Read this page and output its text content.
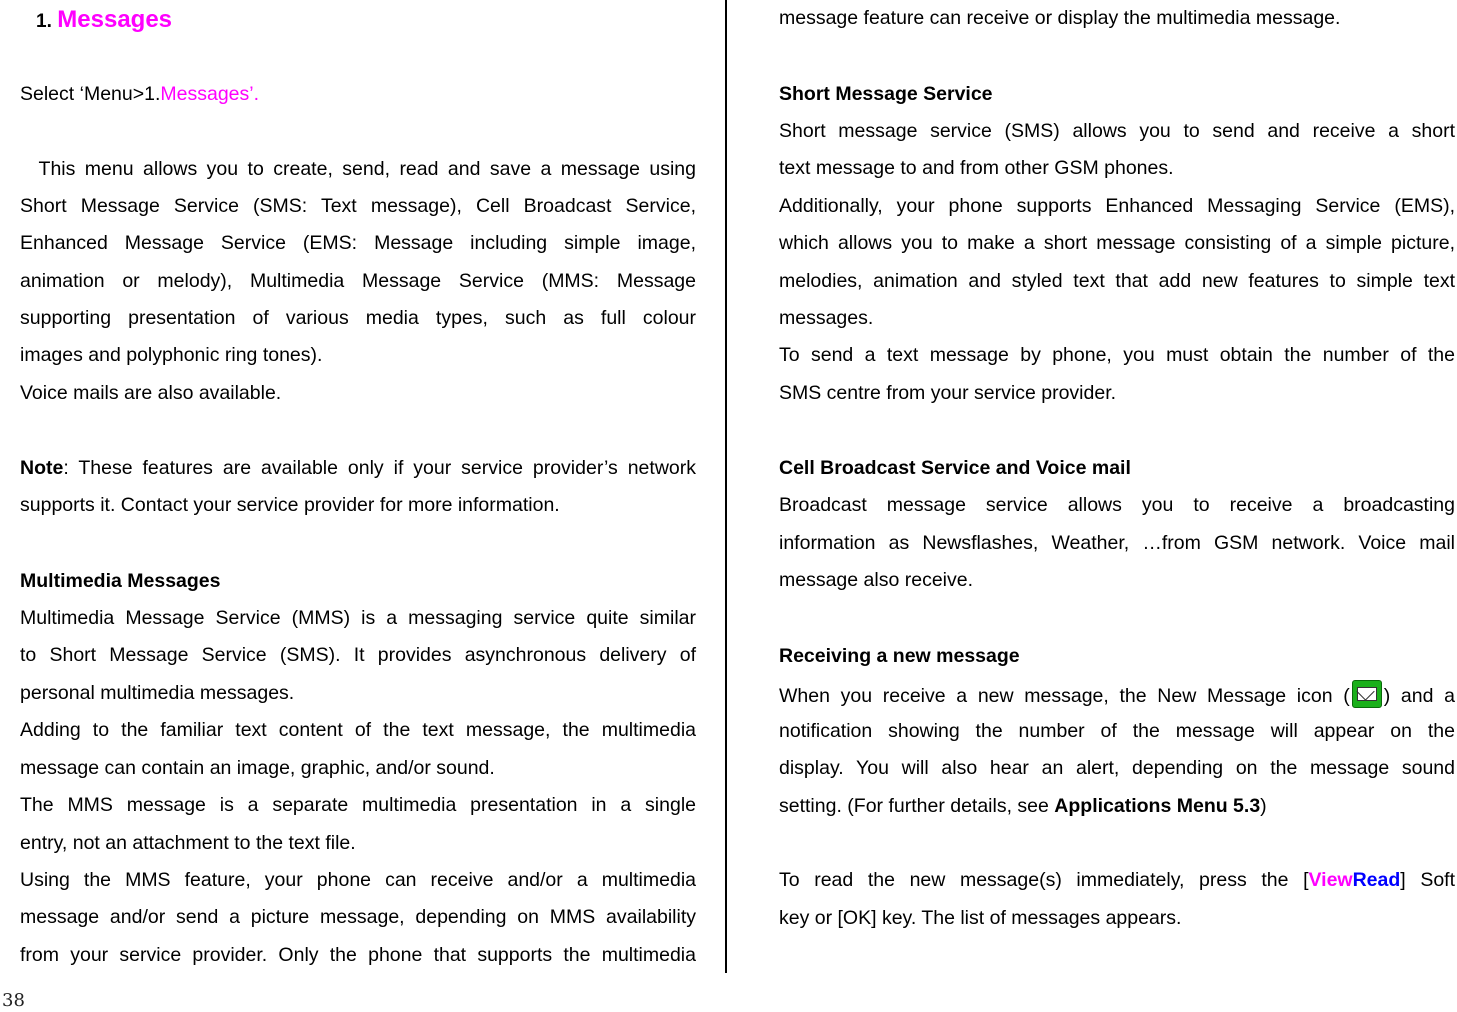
1. Messages
Select ‘Menu>1.Messages’.
This menu allows you to create, send, read and save a message using
Short Message Service (SMS: Text message), Cell Broadcast Service,
Enhanced Message Service (EMS: Message including simple image,
animation or melody), Multimedia Message Service (MMS: Message
supporting presentation of various media types, such as full colour
images and polyphonic ring tones).
Voice mails are also available.
Note: These features are available only if your service provider’s network
supports it. Contact your service provider for more information.
Multimedia Messages
Multimedia Message Service (MMS) is a messaging service quite similar
to Short Message Service (SMS). It provides asynchronous delivery of
personal multimedia messages.
Adding to the familiar text content of the text message, the multimedia
message can contain an image, graphic, and/or sound.
The MMS message is a separate multimedia presentation in a single
entry, not an attachment to the text file.
Using the MMS feature, your phone can receive and/or a multimedia
message and/or send a picture message, depending on MMS availability
from your service provider. Only the phone that supports the multimedia
message feature can receive or display the multimedia message.
Short Message Service
Short message service (SMS) allows you to send and receive a short
text message to and from other GSM phones.
Additionally, your phone supports Enhanced Messaging Service (EMS),
which allows you to make a short message consisting of a simple picture,
melodies, animation and styled text that add new features to simple text
messages.
To send a text message by phone, you must obtain the number of the
SMS centre from your service provider.
Cell Broadcast Service and Voice mail
Broadcast message service allows you to receive a broadcasting
information as Newsflashes, Weather, …from GSM network. Voice mail
message also receive.
Receiving a new message
When you receive a new message, the New Message icon ( ) and a
notification showing the number of the message will appear on the
display. You will also hear an alert, depending on the message sound
setting. (For further details, see Applications Menu 5.3)
To read the new message(s) immediately, press the [ViewRead] Soft
key or [OK] key. The list of messages appears.
38
